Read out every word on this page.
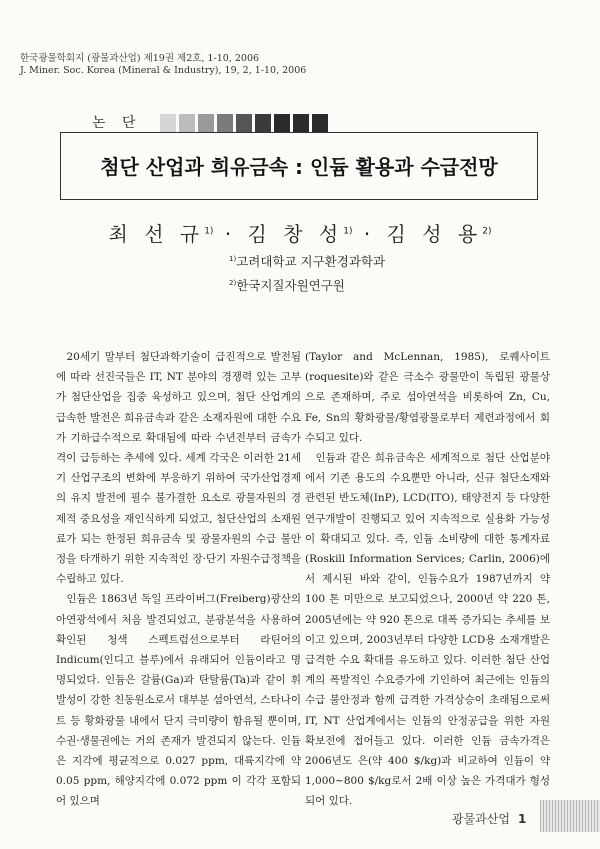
한국광물학회지 (광물과산업) 제19권 제2호, 1-10, 2006
J. Miner. Soc. Korea (Mineral & Industry), 19, 2, 1-10, 2006
논 단
첨단 산업과 희유금속 : 인듐 활용과 수급전망
최 선 규$^{1)}$ · 김 창 성$^{1)}$ · 김 성 용$^{2)}$
$^{1)}$고려대학교 지구환경과학과
$^{2)}$한국지질자원연구원

20세기 말부터 첨단과학기술이 급진적으로 발전됨에 따라 선진국들은 IT, NT 분야의 경쟁력 있는 고부가 첨단산업을 집중 육성하고 있으며, 첨단 산업계의 급속한 발전은 희유금속과 같은 소재자원에 대한 수요가 기하급수적으로 확대됨에 따라 수년전부터 금속가격이 급등하는 추세에 있다. 세계 각국은 이러한 21세기 산업구조의 변화에 부응하기 위하여 국가산업경제의 유지 발전에 필수 불가결한 요소로 광물자원의 경제적 중요성을 재인식하게 되었고, 첨단산업의 소재원료가 되는 한정된 희유금속 및 광물자원의 수급 불안정을 타개하기 위한 지속적인 장·단기 자원수급정책을 수립하고 있다.

인듐은 1863년 독일 프라이버그(Freiberg)광산의 아연광석에서 처음 발견되었고, 분광분석을 사용하여 확인된 청색 스펙트럼선으로부터 라틴어의 Indicum(인디고 블루)에서 유래되어 인듐이라고 명명되었다. 인듐은 갈륨(Ga)과 탄탈륨(Ta)과 같이 휘발성이 강한 친동원소로서 대부분 섬아연석, 스타나이트 등 황화광물 내에서 단지 극미량이 함유될 뿐이며, 수권·생물권에는 거의 존재가 발견되지 않는다. 인듐은 지각에 평균적으로 0.027 ppm, 대륙지각에 약 0.05 ppm, 해양지각에 0.072 ppm 이 각각 포함되어 있으며

(Taylor and McLennan, 1985), 로퀘사이트(roquesite)와 같은 극소수 광물만이 독립된 광물상으로 존재하며, 주로 섬아연석을 비롯하여 Zn, Cu, Fe, Sn의 황화광물/황염광물로부터 제련과정에서 회수되고 있다.

인듐과 같은 희유금속은 세계적으로 첨단 산업분야에서 기존 용도의 수요뿐만 아니라, 신규 첨단소재와 관련된 반도체(InP), LCD(ITO), 태양전지 등 다양한 연구개발이 진행되고 있어 지속적으로 실용화 가능성이 확대되고 있다. 즉, 인듐 소비량에 대한 통계자료(Roskill Information Services; Carlin, 2006)에서 제시된 바와 같이, 인듐수요가 1987년까지 약 100 톤 미만으로 보고되었으나, 2000년 약 220 톤, 2005년에는 약 920 톤으로 대폭 증가되는 추세를 보이고 있으며, 2003년부터 다양한 LCD용 소재개발은 급격한 수요 확대를 유도하고 있다. 이러한 첨단 산업계의 폭발적인 수요증가에 기인하여 최근에는 인듐의 수급 불안정과 함께 급격한 가격상승이 초래됨으로써 IT, NT 산업계에서는 인듐의 안정공급을 위한 자원 확보전에 접어들고 있다. 이러한 인듐 금속가격은 2006년도 은(약 400 $/kg)과 비교하여 인듐이 약 1,000~800 $/kg로서 2배 이상 높은 가격대가 형성되어 있다.

광물과산업 1
